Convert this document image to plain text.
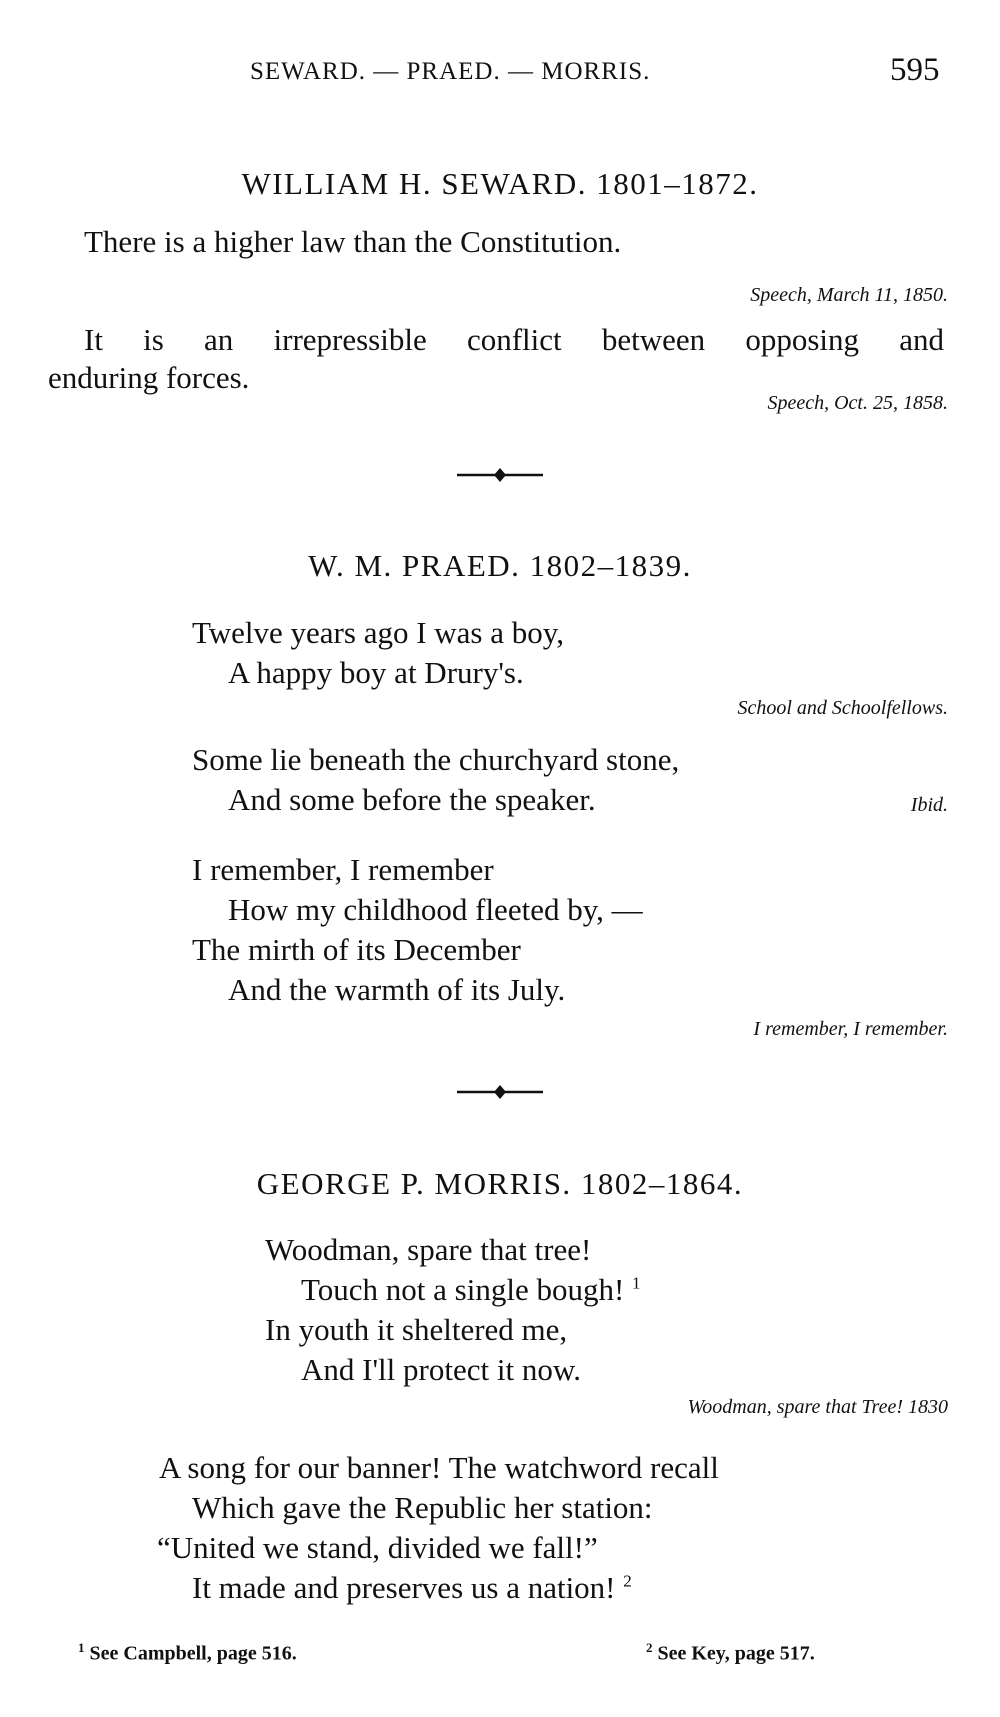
SEWARD. — PRAED. — MORRIS.	595
WILLIAM H. SEWARD. 1801–1872.
There is a higher law than the Constitution.
Speech, March 11, 1850.
It is an irrepressible conflict between opposing and
enduring forces.
Speech, Oct. 25, 1858.
W. M. PRAED. 1802–1839.
Twelve years ago I was a boy,
A happy boy at Drury's.
School and Schoolfellows.
Some lie beneath the churchyard stone,
And some before the speaker.	Ibid.
I remember, I remember
How my childhood fleeted by, —
The mirth of its December
And the warmth of its July.
I remember, I remember.
GEORGE P. MORRIS. 1802–1864.
Woodman, spare that tree!
Touch not a single bough! $^1$
In youth it sheltered me,
And I'll protect it now.
Woodman, spare that Tree! 1830
A song for our banner! The watchword recall
Which gave the Republic her station:
“United we stand, divided we fall!”
It made and preserves us a nation! $^2$
$^1$ See Campbell, page 516.	$^2$ See Key, page 517.
